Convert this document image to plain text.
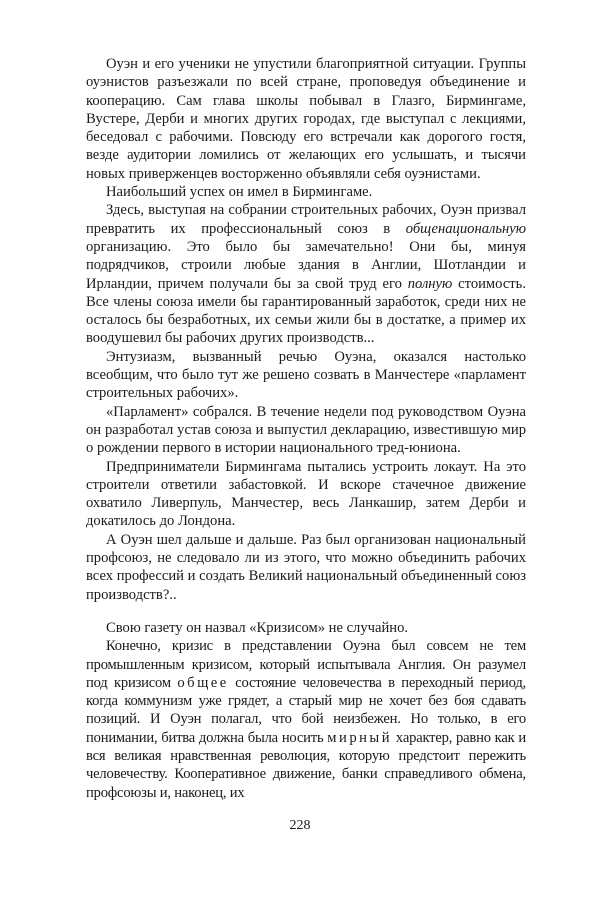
Оуэн и его ученики не упустили благоприятной ситуации. Группы оуэнистов разъезжали по всей стране, проповедуя объединение и кооперацию. Сам глава школы побывал в Глазго, Бирмингаме, Вустере, Дерби и многих других городах, где выступал с лекциями, беседовал с рабочими. Повсюду его встречали как дорогого гостя, везде аудитории ломились от желающих его услышать, и тысячи новых приверженцев восторженно объявляли себя оуэнистами.

Наибольший успех он имел в Бирмингаме.

Здесь, выступая на собрании строительных рабочих, Оуэн призвал превратить их профессиональный союз в общенациональную организацию. Это было бы замечательно! Они бы, минуя подрядчиков, строили любые здания в Англии, Шотландии и Ирландии, причем получали бы за свой труд его полную стоимость. Все члены союза имели бы гарантированный заработок, среди них не осталось бы безработных, их семьи жили бы в достатке, а пример их воодушевил бы рабочих других производств...

Энтузиазм, вызванный речью Оуэна, оказался настолько всеобщим, что было тут же решено созвать в Манчестере «парламент строительных рабочих».

«Парламент» собрался. В течение недели под руководством Оуэна он разработал устав союза и выпустил декларацию, известившую мир о рождении первого в истории национального тред-юниона.

Предприниматели Бирмингама пытались устроить локаут. На это строители ответили забастовкой. И вскоре стачечное движение охватило Ливерпуль, Манчестер, весь Ланкашир, затем Дерби и докатилось до Лондона.

А Оуэн шел дальше и дальше. Раз был организован национальный профсоюз, не следовало ли из этого, что можно объединить рабочих всех профессий и создать Великий национальный объединенный союз производств?..

Свою газету он назвал «Кризисом» не случайно.

Конечно, кризис в представлении Оуэна был совсем не тем промышленным кризисом, который испытывала Англия. Он разумел под кризисом общее состояние человечества в переходный период, когда коммунизм уже грядет, а старый мир не хочет без боя сдавать позиций. И Оуэн полагал, что бой неизбежен. Но только, в его понимании, битва должна была носить мирный характер, равно как и вся великая нравственная революция, которую предстоит пережить человечеству. Кооперативное движение, банки справедливого обмена, профсоюзы и, наконец, их

228
